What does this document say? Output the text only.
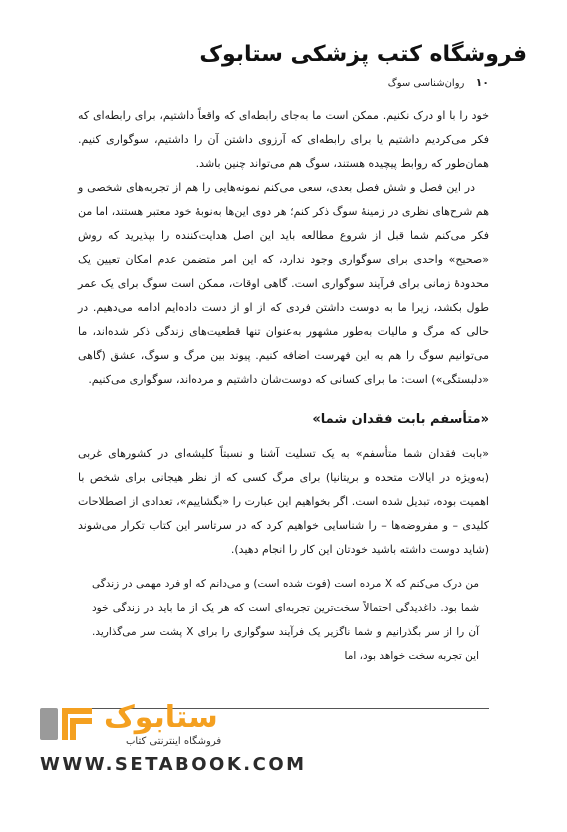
فروشگاه کتب پزشکی ستابوک
۱۰ روان‌شناسی سوگ

خود را با او درک نکنیم. ممکن است ما به‌جای رابطه‌ای که واقعاً داشتیم، برای رابطه‌ای که فکر می‌کردیم داشتیم یا برای رابطه‌ای که آرزوی داشتن آن را داشتیم، سوگواری کنیم. همان‌طور که روابط پیچیده هستند، سوگ هم می‌تواند چنین باشد.

در این فصل و شش فصل بعدی، سعی می‌کنم نمونه‌هایی را هم از تجربه‌های شخصی و هم شرح‌های نظری در زمینهٔ سوگ ذکر کنم؛ هر دوی این‌ها به‌نوبهٔ خود معتبر هستند، اما من فکر می‌کنم شما قبل از شروع مطالعه باید این اصل هدایت‌کننده را بپذیرید که روش «صحیح» واحدی برای سوگواری وجود ندارد، که این امر متضمن عدم امکان تعیین یک محدودهٔ زمانی برای فرآیند سوگواری است. گاهی اوقات، ممکن است سوگ برای یک عمر طول بکشد، زیرا ما به دوست داشتن فردی که از او از دست داده‌ایم ادامه می‌دهیم. در حالی که مرگ و مالیات به‌طور مشهور به‌عنوان تنها قطعیت‌های زندگی ذکر شده‌اند، ما می‌توانیم سوگ را هم به این فهرست اضافه کنیم. پیوند بین مرگ و سوگ، عشق (گاهی «دلبستگی») است: ما برای کسانی که دوست‌شان داشتیم و مرده‌اند، سوگواری می‌کنیم.

«متأسفم بابت فقدان شما»

«بابت فقدان شما متأسفم» به یک تسلیت آشنا و نسبتاً کلیشه‌ای در کشورهای غربی (به‌ویژه در ایالات متحده و بریتانیا) برای مرگ کسی که از نظر هیجانی برای شخص با اهمیت بوده، تبدیل شده است. اگر بخواهیم این عبارت را «بگشاییم»، تعدادی از اصطلاحات کلیدی – و مفروضه‌ها – را شناسایی خواهیم کرد که در سرتاسر این کتاب تکرار می‌شوند (شاید دوست داشته باشید خودتان این کار را انجام دهید).

من درک می‌کنم که X مرده است (فوت شده است) و می‌دانم که او فرد مهمی در زندگی شما بود. داغدیدگی احتمالاً سخت‌ترین تجربه‌ای است که هر یک از ما باید در زندگی خود آن را از سر بگذرانیم و شما ناگزیر یک فرآیند سوگواری را برای X پشت سر می‌گذارید. این تجربه سخت خواهد بود، اما

ستابوک
فروشگاه اینترنتی کتاب
WWW.SETABOOK.COM
